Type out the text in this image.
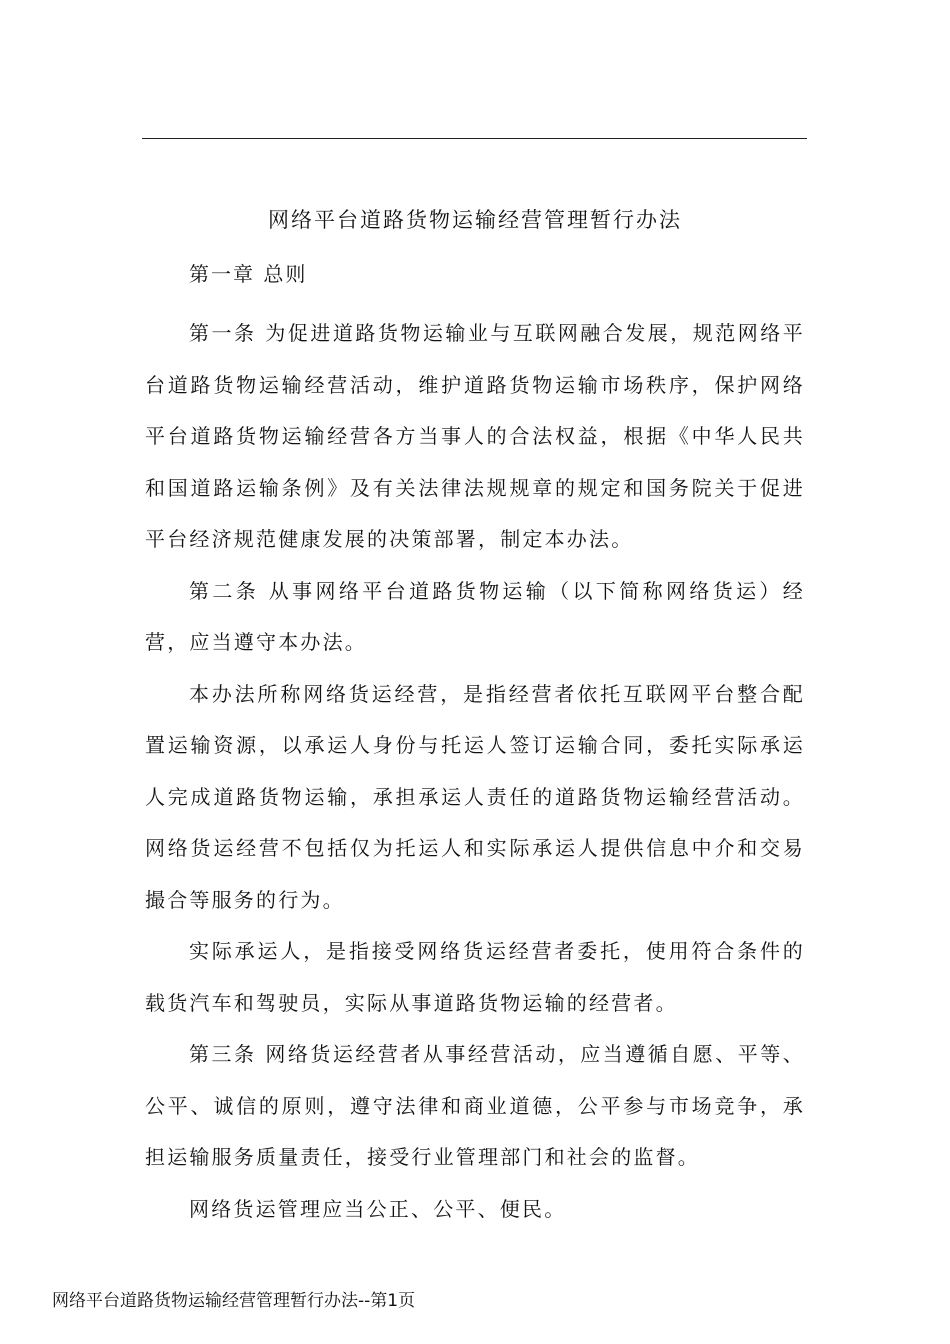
网络平台道路货物运输经营管理暂行办法
第一章 总则

第一条 为促进道路货物运输业与互联网融合发展，规范网络平台道路货物运输经营活动，维护道路货物运输市场秩序，保护网络平台道路货物运输经营各方当事人的合法权益，根据《中华人民共和国道路运输条例》及有关法律法规规章的规定和国务院关于促进平台经济规范健康发展的决策部署，制定本办法。

第二条 从事网络平台道路货物运输（以下简称网络货运）经营，应当遵守本办法。

本办法所称网络货运经营，是指经营者依托互联网平台整合配置运输资源，以承运人身份与托运人签订运输合同，委托实际承运人完成道路货物运输，承担承运人责任的道路货物运输经营活动。网络货运经营不包括仅为托运人和实际承运人提供信息中介和交易撮合等服务的行为。

实际承运人，是指接受网络货运经营者委托，使用符合条件的载货汽车和驾驶员，实际从事道路货物运输的经营者。

第三条 网络货运经营者从事经营活动，应当遵循自愿、平等、公平、诚信的原则，遵守法律和商业道德，公平参与市场竞争，承担运输服务质量责任，接受行业管理部门和社会的监督。

网络货运管理应当公正、公平、便民。

网络平台道路货物运输经营管理暂行办法--第1页
